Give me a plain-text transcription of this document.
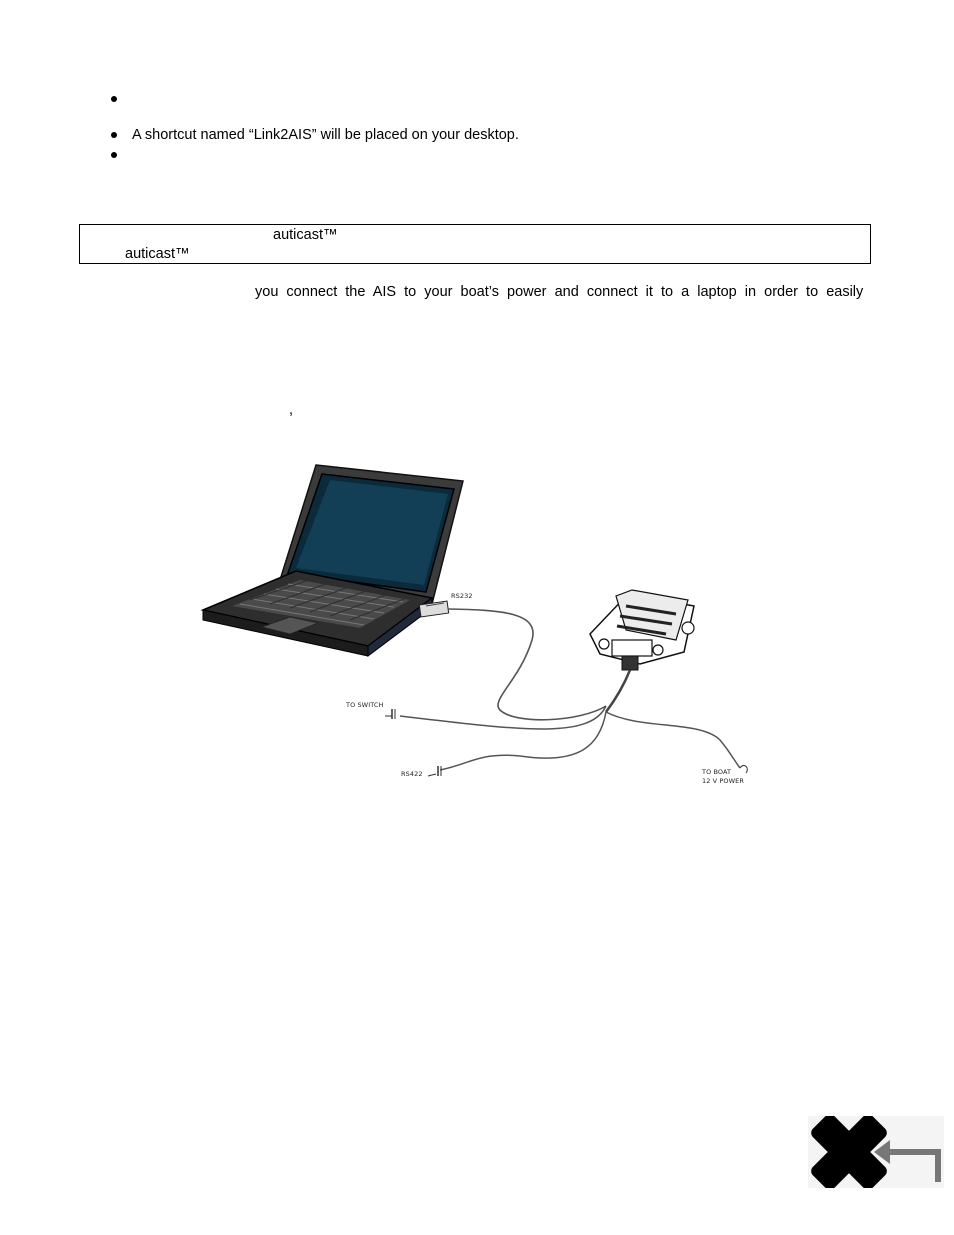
A shortcut named “Link2AIS” will be placed on your desktop.
auticast™
auticast™
you  connect  the  AIS  to  your  boat’s  power  and  connect  it  to  a  laptop  in  order  to  easily
,
RS232
TO SWITCH
RS422	TO BOAT
12 V POWER
